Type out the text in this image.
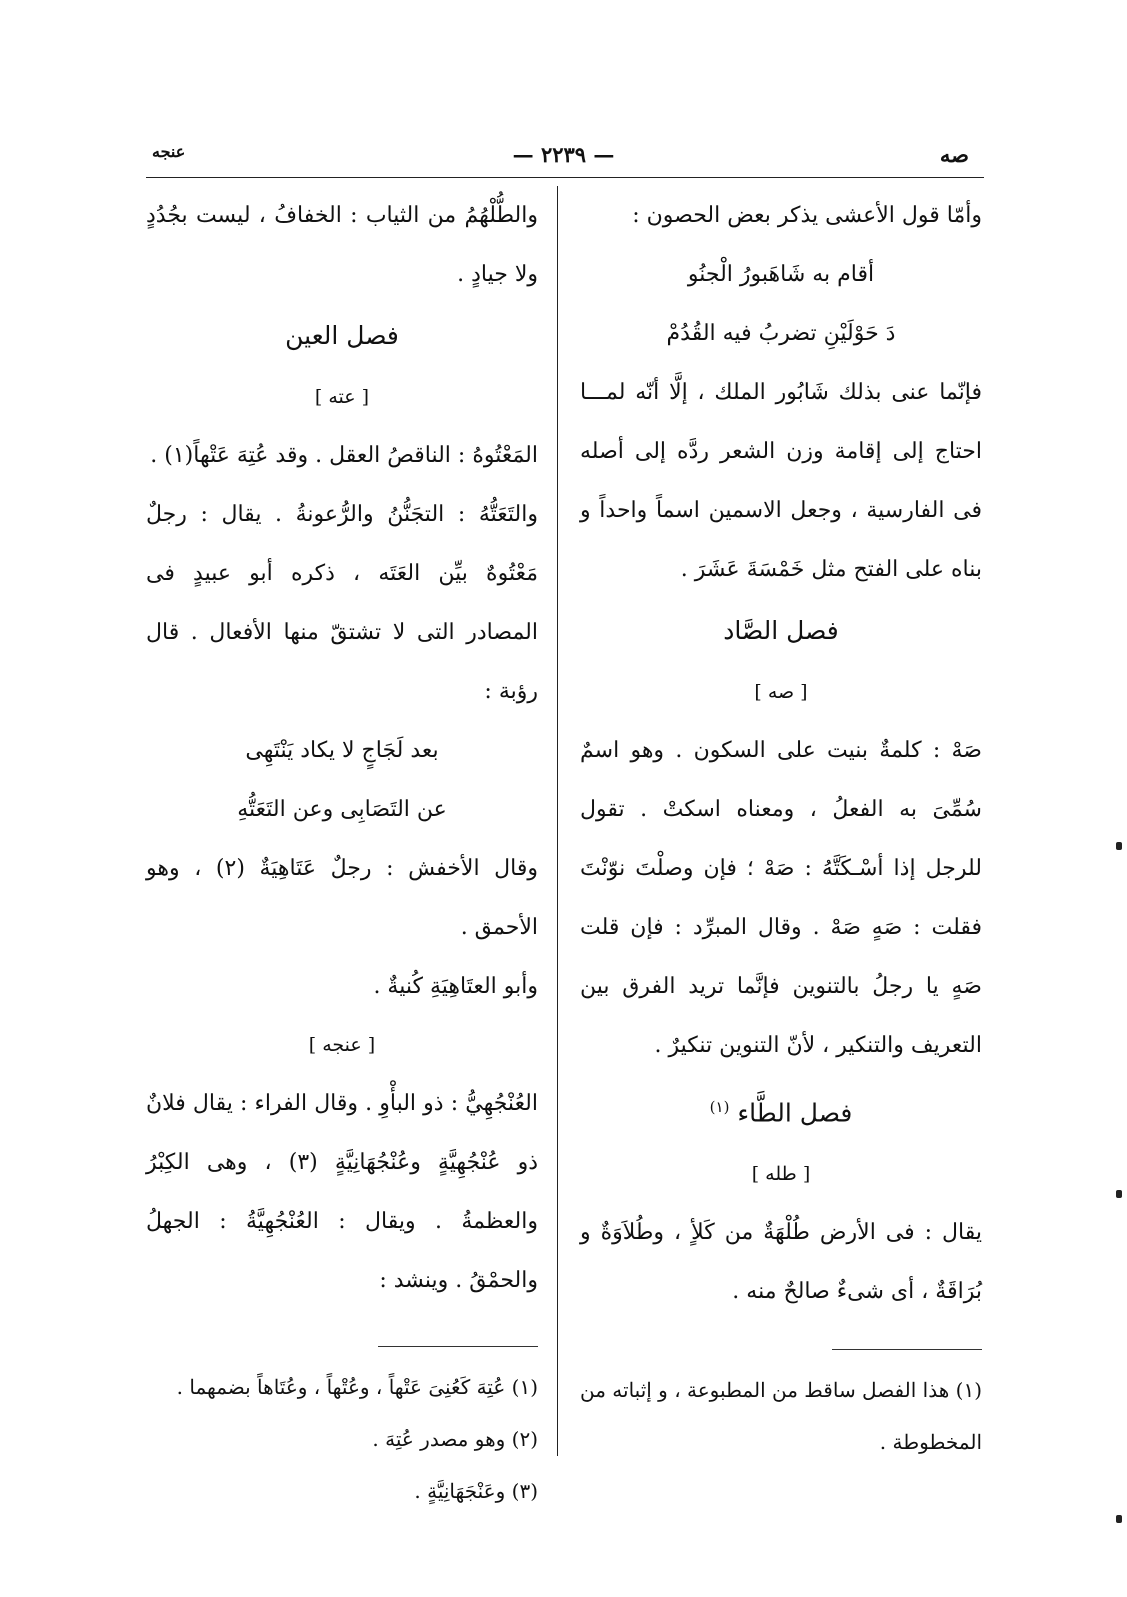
صه
— ٢٢٣٩ —
عنجه

وأمّا قول الأعشى يذكر بعض الحصون :

أقام به شَاهَبورُ الْجنُو

دَ حَوْلَيْنِ تضربُ فيه القُدُمْ

فإنّما عنى بذلك شَابُور الملك ، إلَّا أنّه لمـــا احتاج إلى إقامة وزن الشعر ردَّه إلى أصله فى الفارسية ، وجعل الاسمين اسماً واحداً و بناه على الفتح مثل خَمْسَةَ عَشَرَ .

فصل الصَّاد

[ صه ]

صَهْ : كلمةٌ بنيت على السكون . وهو اسمٌ سُمِّىَ به الفعلُ ، ومعناه اسكتْ . تقول للرجل إذا أسْـكَتَّهُ : صَهْ ؛ فإن وصلْتَ نوّنْتَ فقلت : صَهٍ صَهْ . وقال المبرِّد : فإن قلت صَهٍ يا رجلُ بالتنوين فإنَّما تريد الفرق بين التعريف والتنكير ، لأنّ التنوين تنكيرٌ .

فصل الطَّاء $^{(١)}$

[ طله ]

يقال : فى الأرض طُلْهَةٌ من كَلأٍ ، وطُلاَوَةٌ و بُرَاقَةٌ ، أى شىءٌ صالحٌ منه .

(١) هذا الفصل ساقط من المطبوعة ، و إثباته من المخطوطة .

والطُّلْهُمُ من الثياب : الخفافُ ، ليست بجُدُدٍ ولا جيادٍ .

فصل العين

[ عته ]

المَعْتُوهُ : الناقصُ العقل . وقد عُتِهَ عَتْهاً(١) .

والتَعَتُّهُ : التجَنُّنُ والرُّعونةُ . يقال : رجلٌ مَعْتُوهٌ بيِّن العَتَه ، ذكره أبو عبيدٍ فى المصادر التى لا تشتقّ منها الأفعال . قال رؤبة :

بعد لَجَاجٍ لا يكاد يَنْتَهِى

عن التَصَابِى وعن التَعَتُّهِ

وقال الأخفش : رجلٌ عَتَاهِيَةٌ (٢) ، وهو الأحمق .

وأبو العتَاهِيَةِ كُنيةٌ .

[ عنجه ]

العُنْجُهِيُّ : ذو البأْوِ . وقال الفراء : يقال فلانٌ ذو عُنْجُهِيَّةٍ وعُنْجُهَانِيَّةٍ (٣) ، وهى الكِبْرُ والعظمةُ . ويقال : العُنْجُهِيَّةُ : الجهلُ والحمْقُ . وينشد :

(١) عُتِهَ كَعُنِىَ عَتْهاً ، وعُتْهاً ، وعُتَاهاً بضمهما .

(٢) وهو مصدر عُتِهَ .

(٣) وعَنْجَهَانِيَّةٍ .
